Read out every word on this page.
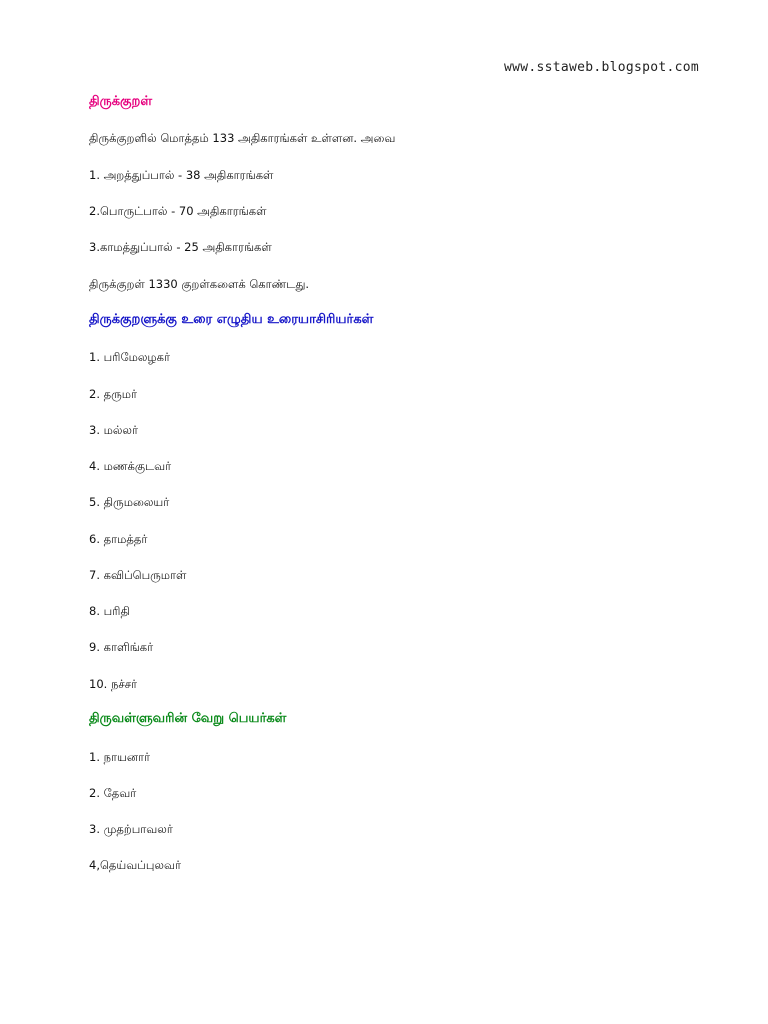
www.sstaweb.blogspot.com
திருக்குறள்
திருக்குறளில் மொத்தம் 133 அதிகாரங்கள் உள்ளன. அவை
1. அறத்துப்பால் - 38 அதிகாரங்கள்
2.பொருட்பால் - 70 அதிகாரங்கள்
3.காமத்துப்பால் - 25 அதிகாரங்கள்
திருக்குறள் 1330 குறள்களைக் கொண்டது.
திருக்குறளுக்கு உரை எழுதிய உரையாசிரியர்கள்
1. பரிமேலழகர்
2. தருமர்
3. மல்லர்
4. மணக்குடவர்
5. திருமலையர்
6. தாமத்தர்
7. கவிப்பெருமாள்
8. பரிதி
9. காளிங்கர்
10. நச்சர்
திருவள்ளுவரின் வேறு பெயர்கள்
1. நாயனார்
2. தேவர்
3. முதற்பாவலர்
4,தெய்வப்புலவர்
